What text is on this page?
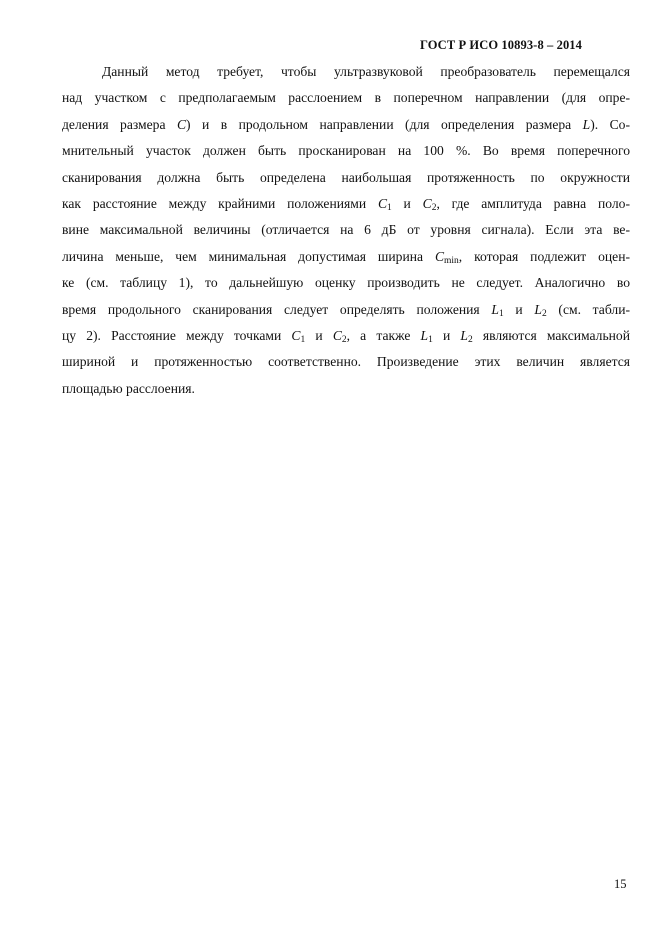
ГОСТ Р ИСО 10893-8 – 2014
Данный метод требует, чтобы ультразвуковой преобразователь перемещался
над участком с предполагаемым расслоением в поперечном направлении (для опре-
деления размера C) и в продольном направлении (для определения размера L). Со-
мнительный участок должен быть просканирован на 100 %. Во время поперечного
сканирования должна быть определена наибольшая протяженность по окружности
как расстояние между крайними положениями $C_1$ и $C_2$, где амплитуда равна поло-
вине максимальной величины (отличается на 6 дБ от уровня сигнала). Если эта ве-
личина меньше, чем минимальная допустимая ширина $C_{min}$, которая подлежит оцен-
ке (см. таблицу 1), то дальнейшую оценку производить не следует. Аналогично во
время продольного сканирования следует определять положения $L_1$ и $L_2$ (см. табли-
цу 2). Расстояние между точками $C_1$ и $C_2$, а также $L_1$ и $L_2$ являются максимальной
шириной и протяженностью соответственно. Произведение этих величин является
площадью расслоения.
15
